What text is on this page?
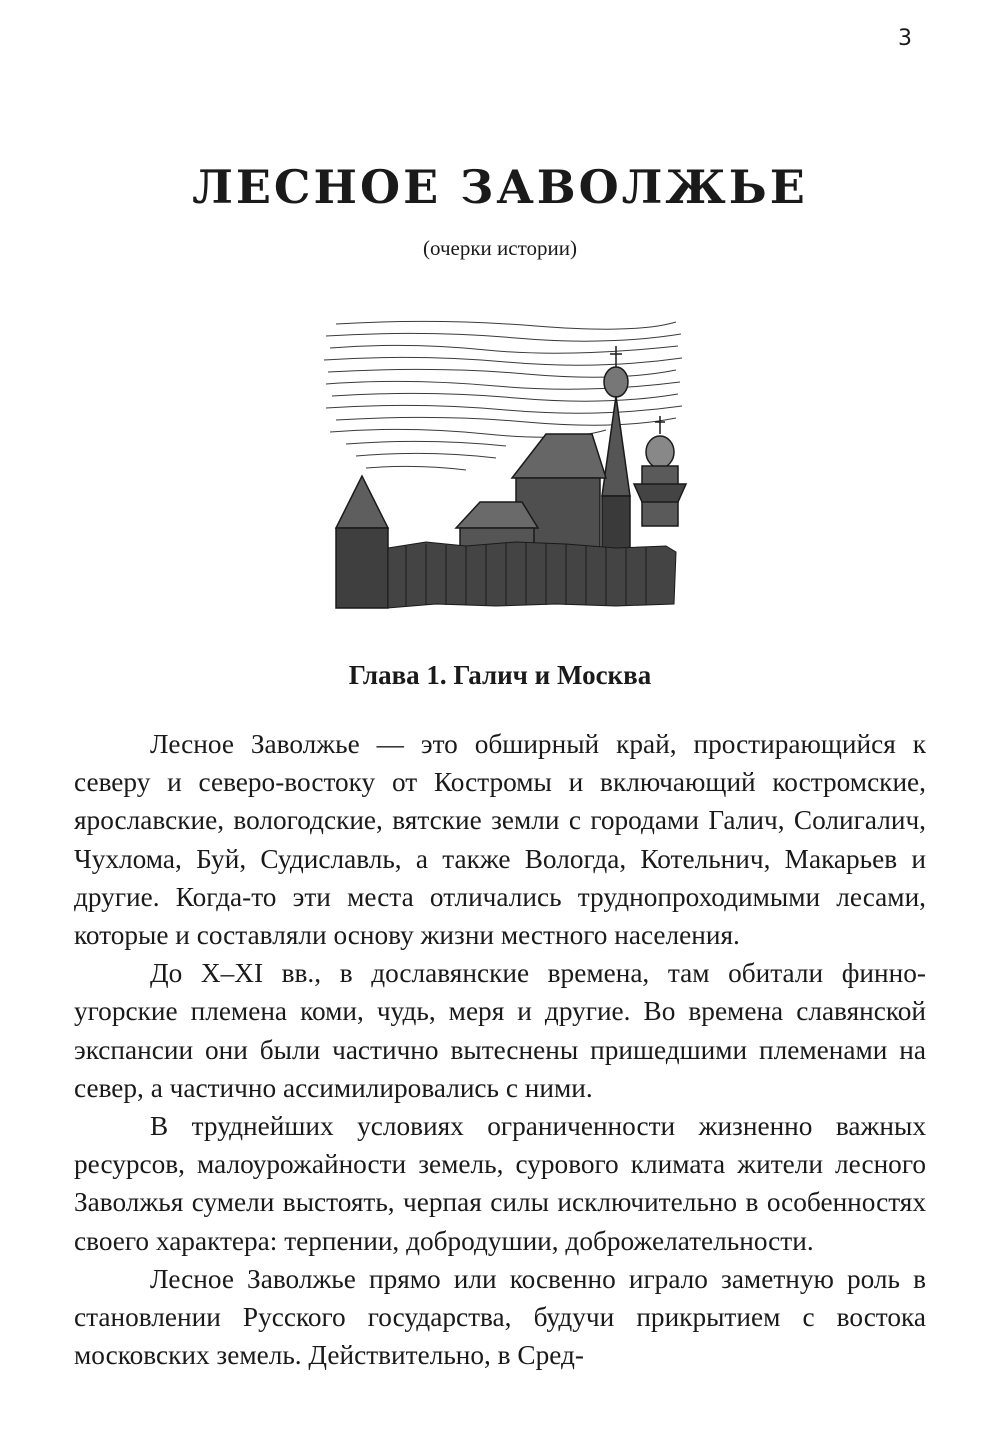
3
ЛЕСНОЕ ЗАВОЛЖЬЕ
(очерки истории)
Глава 1. Галич и Москва

Лесное Заволжье — это обширный край, простирающийся к северу и северо-востоку от Костромы и включающий костромские, ярославские, вологодские, вятские земли с городами Галич, Солигалич, Чухлома, Буй, Судиславль, а также Вологда, Котельнич, Макарьев и другие. Когда-то эти места отличались труднопроходимыми лесами, которые и составляли основу жизни местного населения.

До X–XI вв., в дославянские времена, там обитали финно-угорские племена коми, чудь, меря и другие. Во времена славянской экспансии они были частично вытеснены пришедшими племенами на север, а частично ассимилировались с ними.

В труднейших условиях ограниченности жизненно важных ресурсов, малоурожайности земель, сурового климата жители лесного Заволжья сумели выстоять, черпая силы исключительно в особенностях своего характера: терпении, добродушии, доброжелательности.

Лесное Заволжье прямо или косвенно играло заметную роль в становлении Русского государства, будучи прикрытием с востока московских земель. Действительно, в Сред-
